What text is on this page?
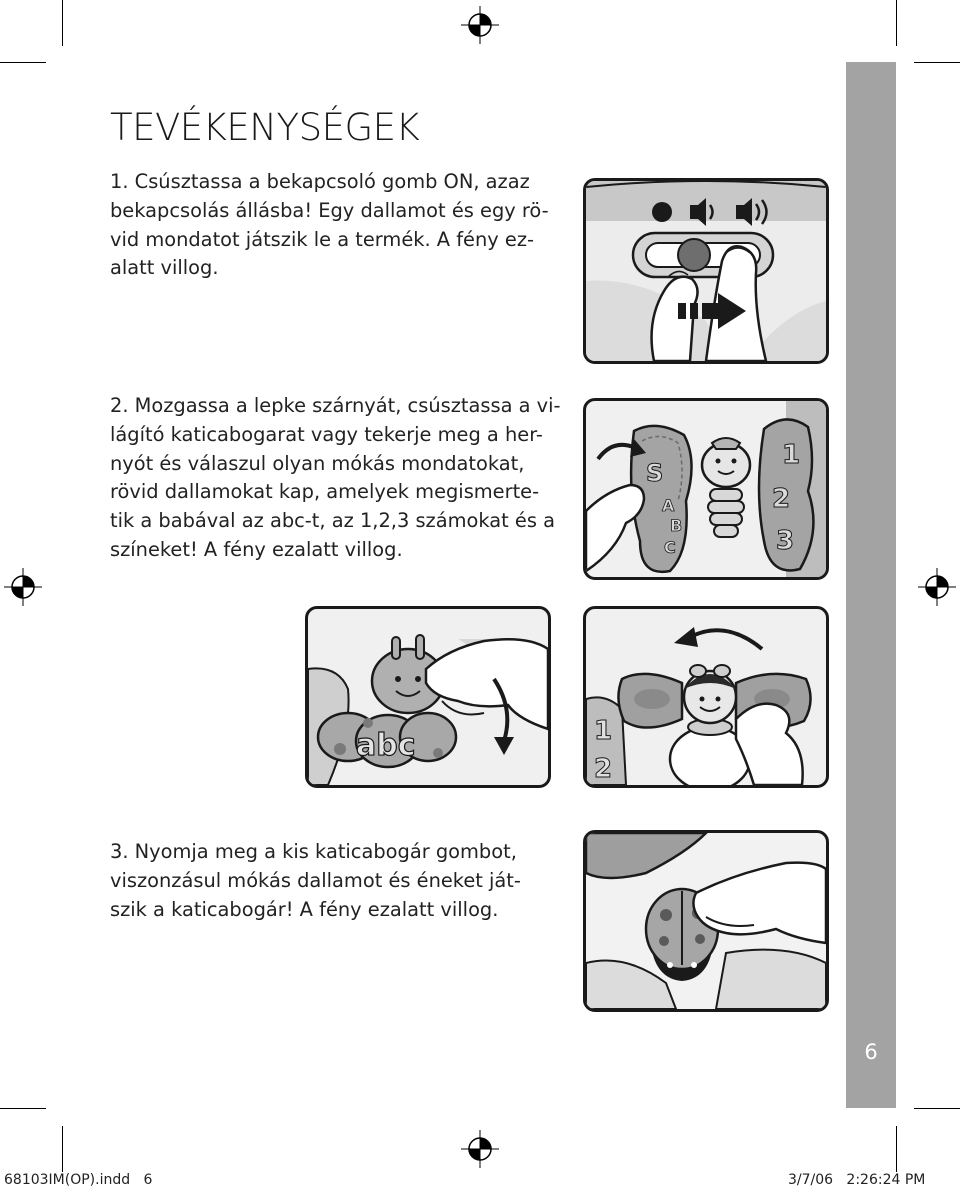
6
TEVÉKENYSÉGEK

1. Csúsztassa a bekapcsoló gomb ON, azaz
bekapcsolás állásba! Egy dallamot és egy rö-
vid mondatot játszik le a termék. A fény ez-
alatt villog.

2. Mozgassa a lepke szárnyát, csúsztassa a vi-
lágító katicabogarat vagy tekerje meg a her-
nyót és válaszul olyan mókás mondatokat,
rövid dallamokat kap, amelyek megismerte-
tik a babával az abc-t, az 1,2,3 számokat és a
színeket! A fény ezalatt villog.

3. Nyomja meg a kis katicabogár gombot,
viszonzásul mókás dallamot és éneket ját-
szik a katicabogár! A fény ezalatt villog.

S
A
B
C
1
2
3
abc	1
2
68103IM(OP).indd   6	3/7/06   2:26:24 PM
